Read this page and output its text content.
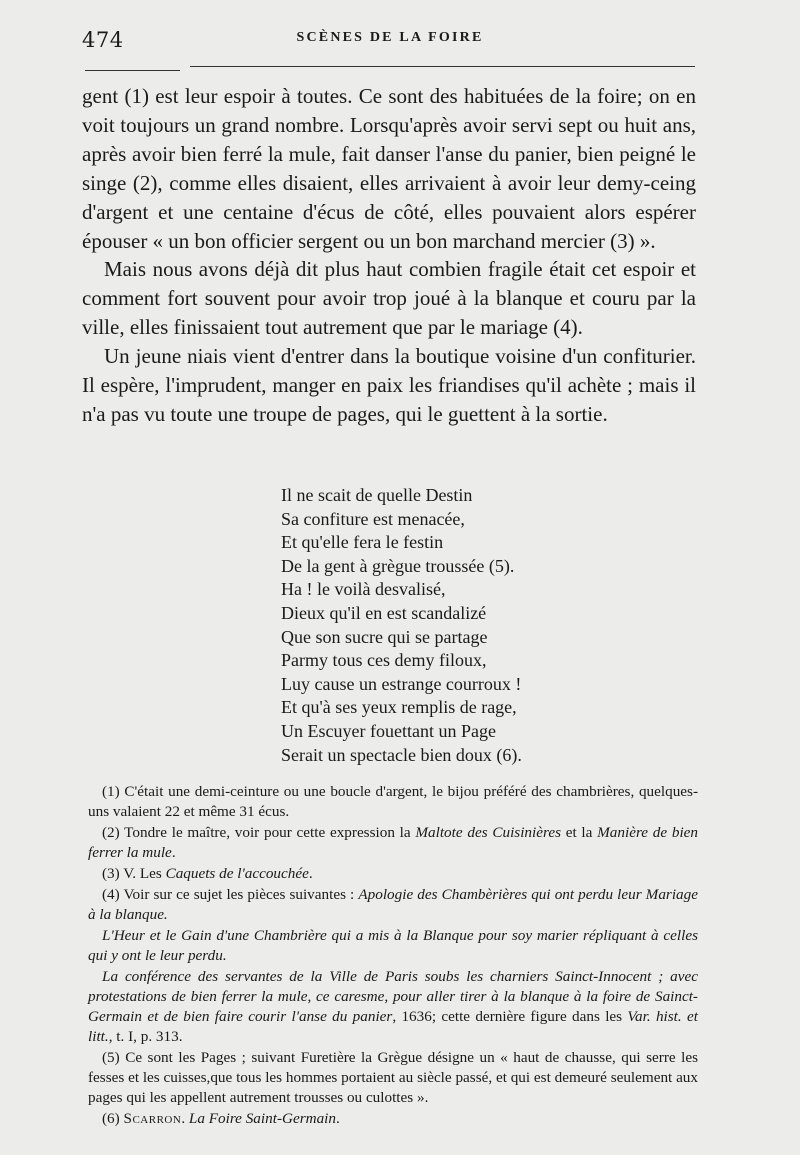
474	SCÈNES DE LA FOIRE

gent (1) est leur espoir à toutes. Ce sont des habituées de la foire; on en voit toujours un grand nombre. Lorsqu'après avoir servi sept ou huit ans, après avoir bien ferré la mule, fait danser l'anse du panier, bien peigné le singe (2), comme elles disaient, elles arrivaient à avoir leur demy-ceing d'argent et une centaine d'écus de côté, elles pouvaient alors espérer épouser « un bon officier sergent ou un bon marchand mercier (3) ».

Mais nous avons déjà dit plus haut combien fragile était cet espoir et comment fort souvent pour avoir trop joué à la blanque et couru par la ville, elles finissaient tout autrement que par le mariage (4).

Un jeune niais vient d'entrer dans la boutique voisine d'un confiturier. Il espère, l'imprudent, manger en paix les friandises qu'il achète ; mais il n'a pas vu toute une troupe de pages, qui le guettent à la sortie.

Il ne scait de quelle Destin
Sa confiture est menacée,
Et qu'elle fera le festin
De la gent à grègue troussée (5).
Ha ! le voilà desvalisé,
Dieux qu'il en est scandalizé
Que son sucre qui se partage
Parmy tous ces demy filoux,
Luy cause un estrange courroux !
Et qu'à ses yeux remplis de rage,
Un Escuyer fouettant un Page
Serait un spectacle bien doux (6).

(1) C'était une demi-ceinture ou une boucle d'argent, le bijou préféré des chambrières, quelques-uns valaient 22 et même 31 écus.

(2) Tondre le maître, voir pour cette expression la Maltote des Cuisinières et la Manière de bien ferrer la mule.

(3) V. Les Caquets de l'accouchée.

(4) Voir sur ce sujet les pièces suivantes : Apologie des Chambèrières qui ont perdu leur Mariage à la blanque.

L'Heur et le Gain d'une Chambrière qui a mis à la Blanque pour soy marier répliquant à celles qui y ont le leur perdu.

La conférence des servantes de la Ville de Paris soubs les charniers Sainct-Innocent ; avec protestations de bien ferrer la mule, ce caresme, pour aller tirer à la blanque à la foire de Sainct-Germain et de bien faire courir l'anse du panier, 1636; cette dernière figure dans les Var. hist. et litt., t. I, p. 313.

(5) Ce sont les Pages ; suivant Furetière la Grègue désigne un « haut de chausse, qui serre les fesses et les cuisses,que tous les hommes portaient au siècle passé, et qui est demeuré seulement aux pages qui les appellent autrement trousses ou culottes ».

(6) Scarron. La Foire Saint-Germain.
